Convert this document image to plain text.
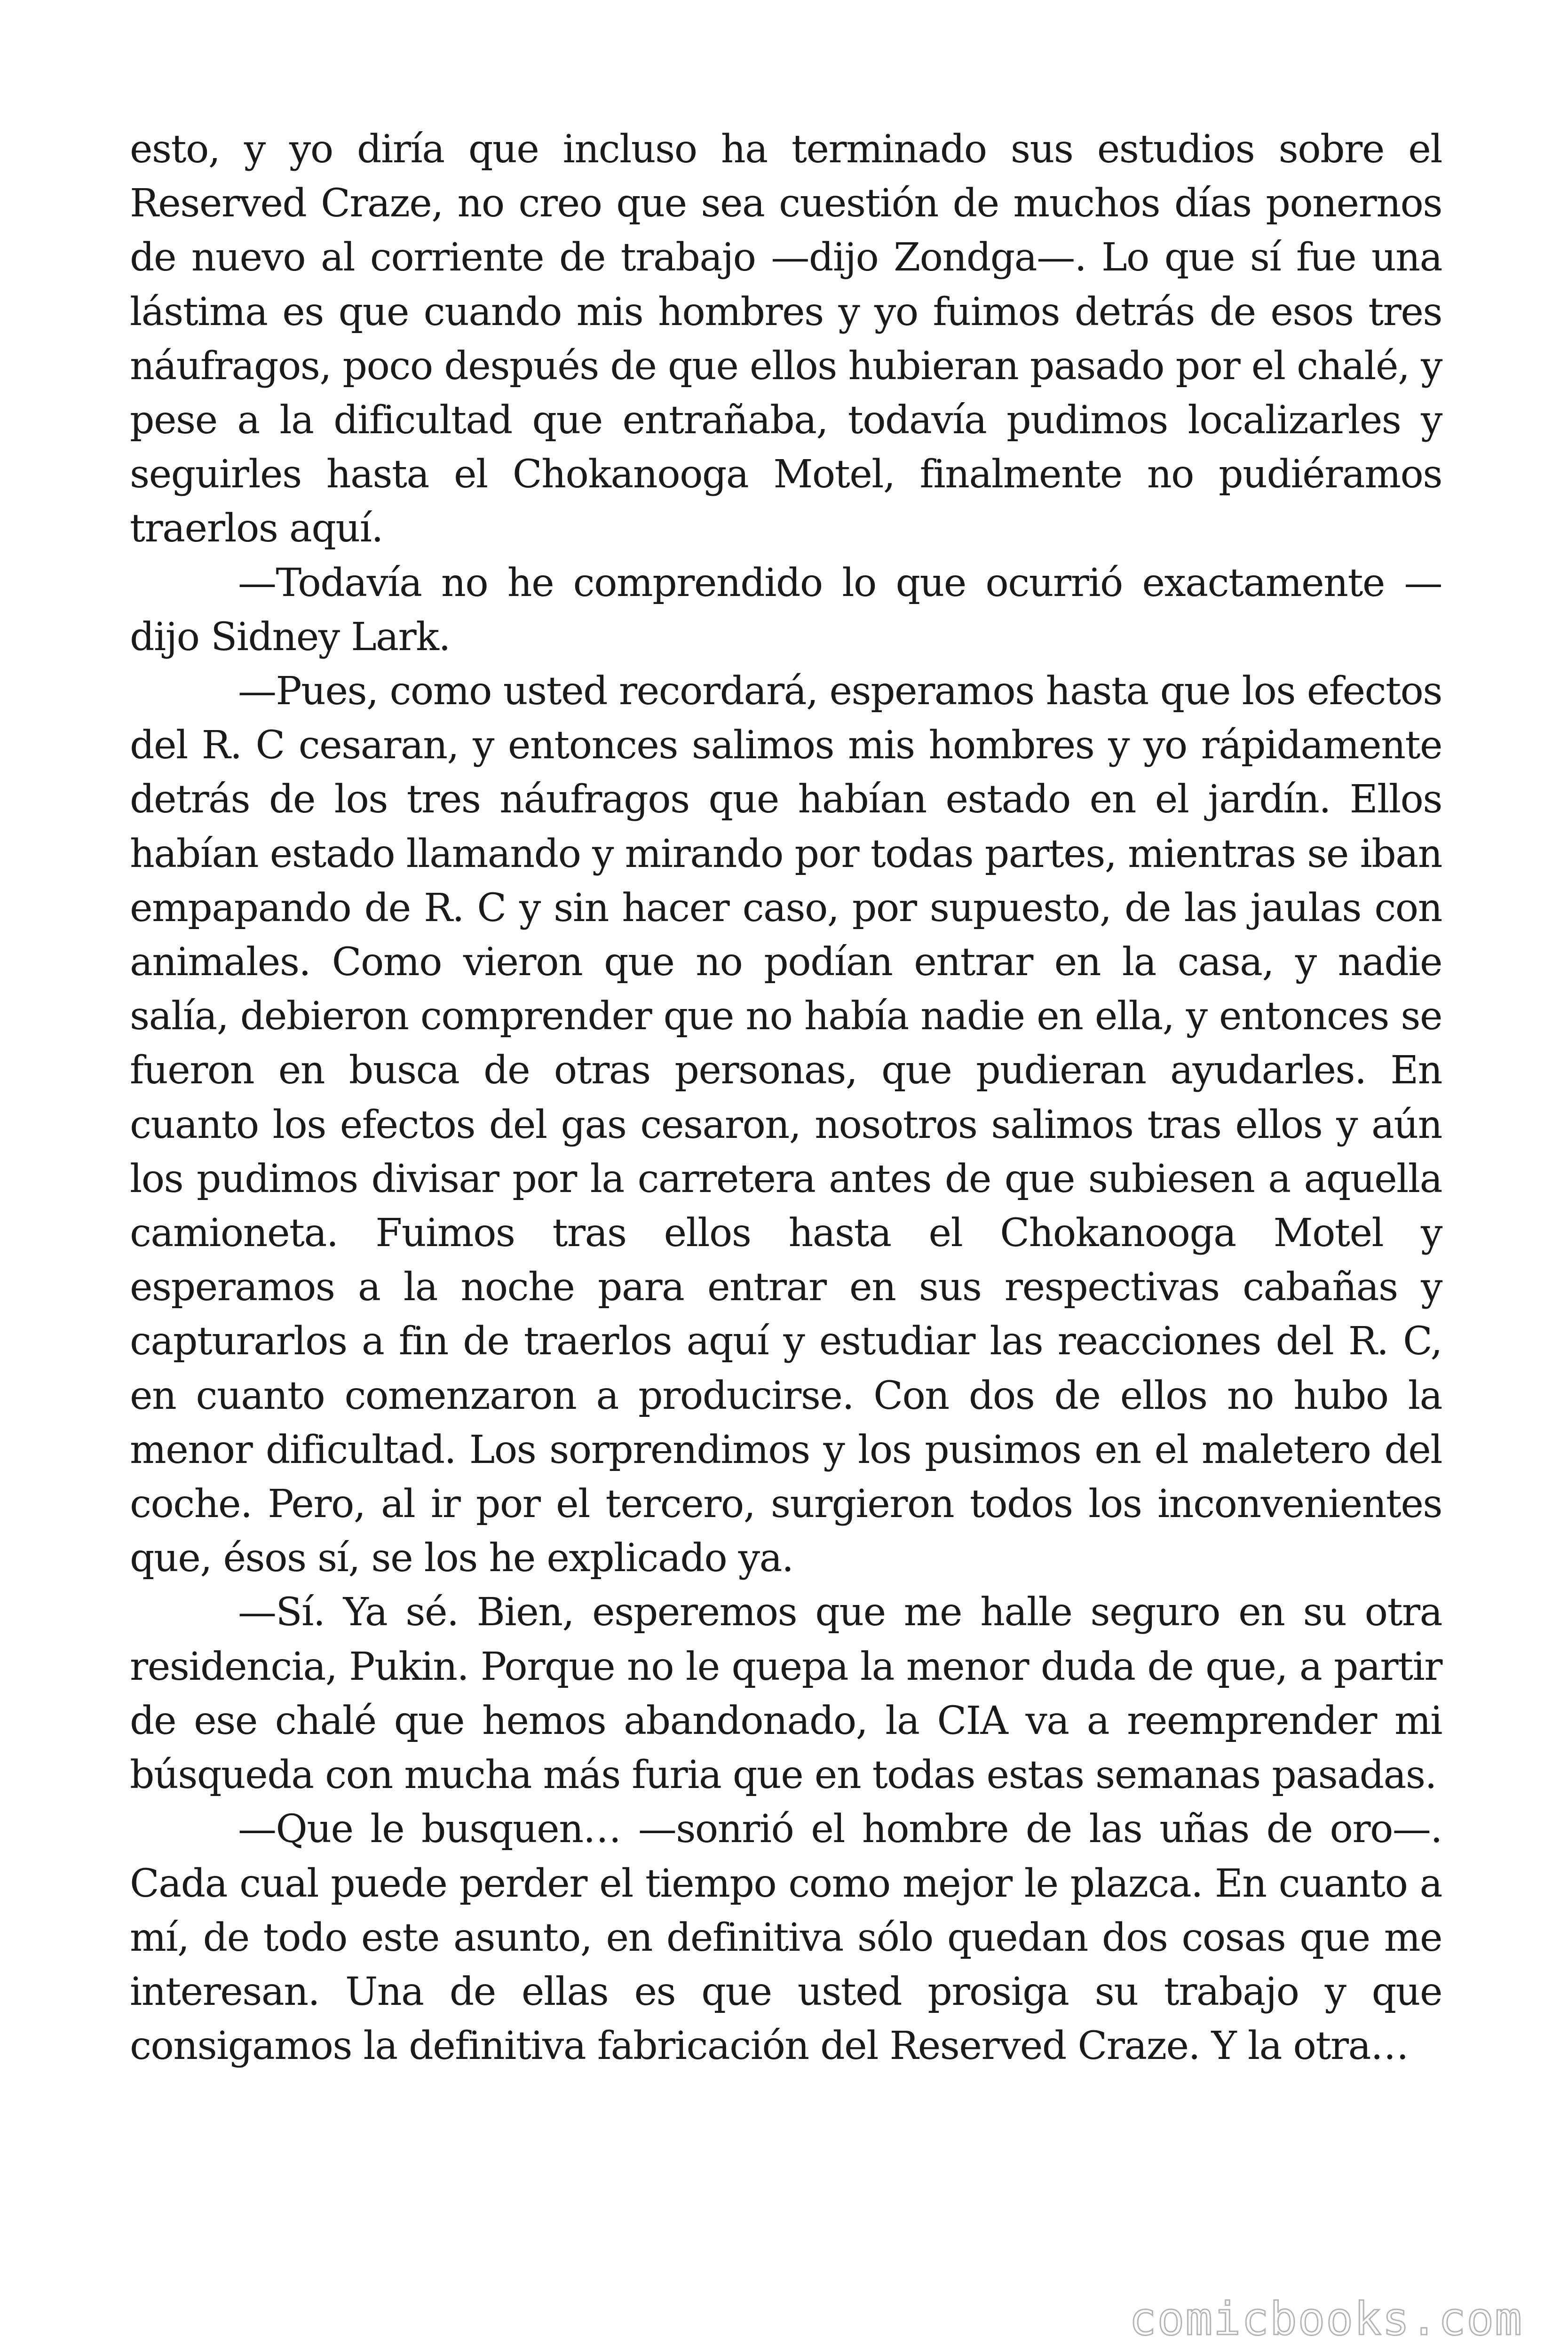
esto, y yo diría que incluso ha terminado sus estudios sobre el Reserved Craze, no creo que sea cuestión de muchos días ponernos de nuevo al corriente de trabajo —dijo Zondga—. Lo que sí fue una lástima es que cuando mis hombres y yo fuimos detrás de esos tres náufragos, poco después de que ellos hubieran pasado por el chalé, y pese a la dificultad que entrañaba, todavía pudimos localizarles y seguirles hasta el Chokanooga Motel, finalmente no pudiéramos traerlos aquí.

—Todavía no he comprendido lo que ocurrió exactamente —dijo Sidney Lark.

—Pues, como usted recordará, esperamos hasta que los efectos del R. C cesaran, y entonces salimos mis hombres y yo rápidamente detrás de los tres náufragos que habían estado en el jardín. Ellos habían estado llamando y mirando por todas partes, mientras se iban empapando de R. C y sin hacer caso, por supuesto, de las jaulas con animales. Como vieron que no podían entrar en la casa, y nadie salía, debieron comprender que no había nadie en ella, y entonces se fueron en busca de otras personas, que pudieran ayudarles. En cuanto los efectos del gas cesaron, nosotros salimos tras ellos y aún los pudimos divisar por la carretera antes de que subiesen a aquella camioneta. Fuimos tras ellos hasta el Chokanooga Motel y esperamos a la noche para entrar en sus respectivas cabañas y capturarlos a fin de traerlos aquí y estudiar las reacciones del R. C, en cuanto comenzaron a producirse. Con dos de ellos no hubo la menor dificultad. Los sorprendimos y los pusimos en el maletero del coche. Pero, al ir por el tercero, surgieron todos los inconvenientes que, ésos sí, se los he explicado ya.

—Sí. Ya sé. Bien, esperemos que me halle seguro en su otra residencia, Pukin. Porque no le quepa la menor duda de que, a partir de ese chalé que hemos abandonado, la CIA va a reemprender mi búsqueda con mucha más furia que en todas estas semanas pasadas.

—Que le busquen… —sonrió el hombre de las uñas de oro—. Cada cual puede perder el tiempo como mejor le plazca. En cuanto a mí, de todo este asunto, en definitiva sólo quedan dos cosas que me interesan. Una de ellas es que usted prosiga su trabajo y que consigamos la definitiva fabricación del Reserved Craze. Y la otra…

comicbooks.com
